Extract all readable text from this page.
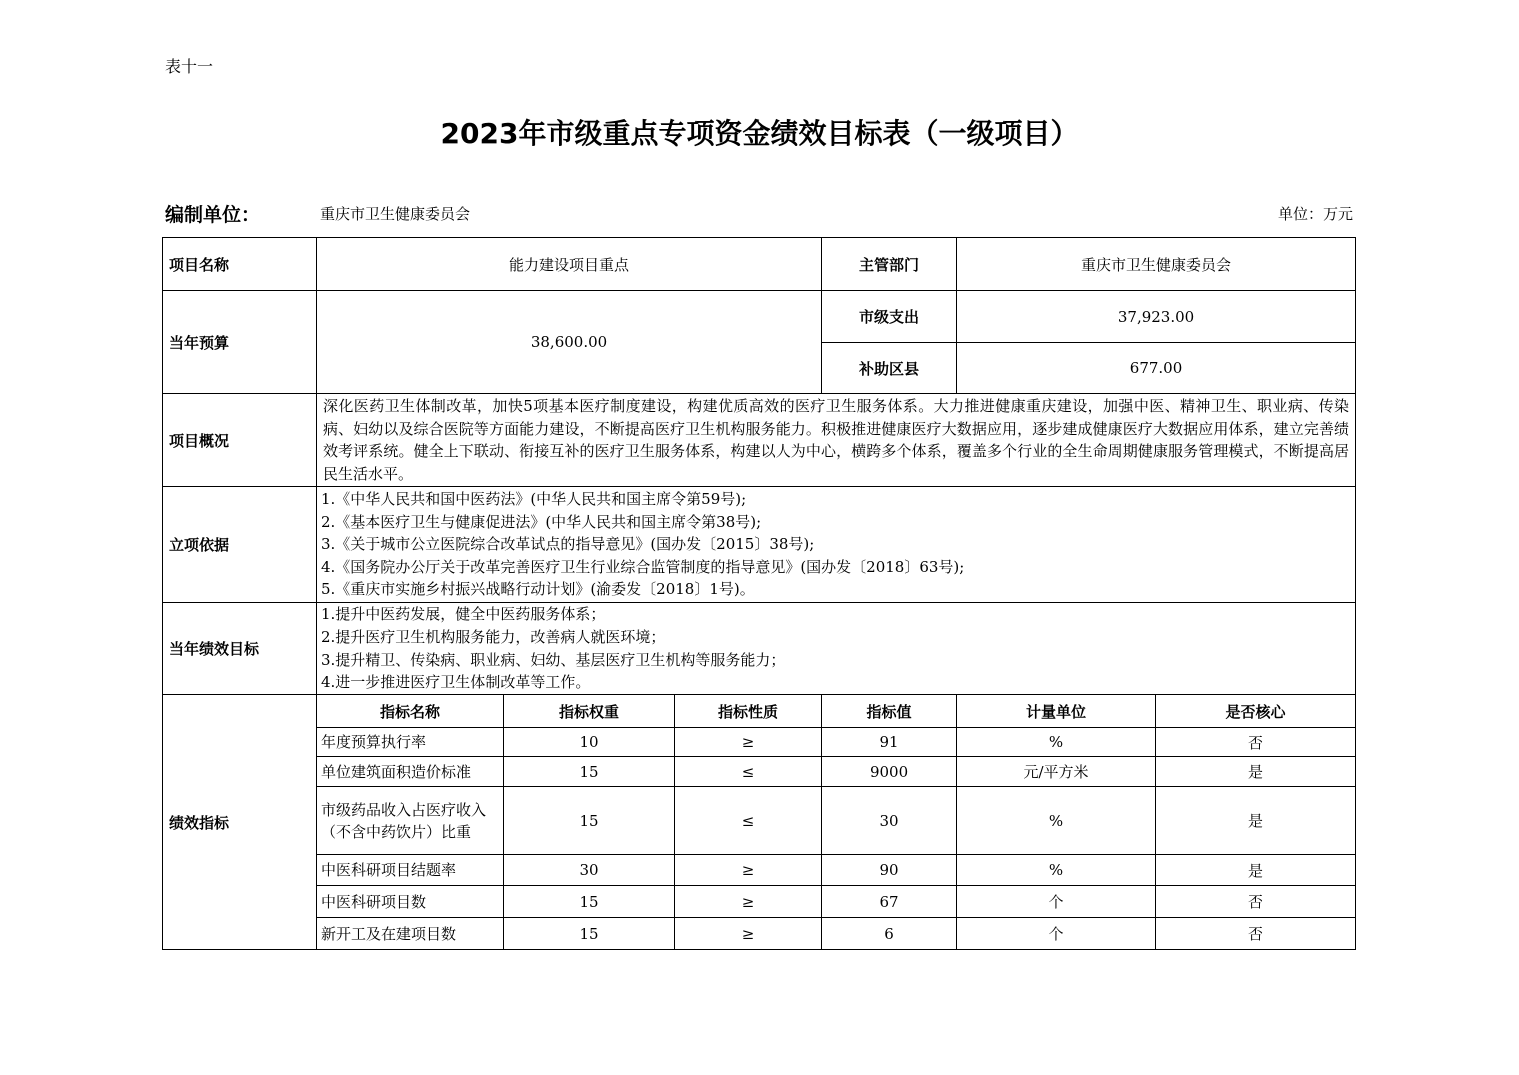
表十一
2023年市级重点专项资金绩效目标表（一级项目）
编制单位：	重庆市卫生健康委员会	单位：万元
项目名称	能力建设项目重点			主管部门	重庆市卫生健康委员会	
当年预算	38,600.00			市级支出	37,923.00	
				补助区县	677.00	
项目概况	深化医药卫生体制改革，加快5项基本医疗制度建设，构建优质高效的医疗卫生服务体系。大力推进健康重庆建设，加强中医、精神卫生、职业病、传染病、妇幼以及综合医院等方面能力建设，不断提高医疗卫生机构服务能力。积极推进健康医疗大数据应用，逐步建成健康医疗大数据应用体系，建立完善绩效考评系统。健全上下联动、衔接互补的医疗卫生服务体系，构建以人为中心，横跨多个体系，覆盖多个行业的全生命周期健康服务管理模式，不断提高居民生活水平。					
立项依据	1.《中华人民共和国中医药法》(中华人民共和国主席令第59号);
2.《基本医疗卫生与健康促进法》(中华人民共和国主席令第38号);
3.《关于城市公立医院综合改革试点的指导意见》(国办发〔2015〕38号);
4.《国务院办公厅关于改革完善医疗卫生行业综合监管制度的指导意见》(国办发〔2018〕63号);
5.《重庆市实施乡村振兴战略行动计划》(渝委发〔2018〕1号)。					

当年绩效目标	1.提升中医药发展，健全中医药服务体系；
2.提升医疗卫生机构服务能力，改善病人就医环境；
3.提升精卫、传染病、职业病、妇幼、基层医疗卫生机构等服务能力；
4.进一步推进医疗卫生体制改革等工作。					

绩效指标	指标名称	指标权重	指标性质	指标值	计量单位	是否核心
	年度预算执行率	10	≥	91	%	否
	单位建筑面积造价标准	15	≤	9000	元/平方米	是
	市级药品收入占医疗收入（不含中药饮片）比重	15	≤	30	%	是
	中医科研项目结题率	30	≥	90	%	是
	中医科研项目数	15	≥	67	个	否
	新开工及在建项目数	15	≥	6	个	否
